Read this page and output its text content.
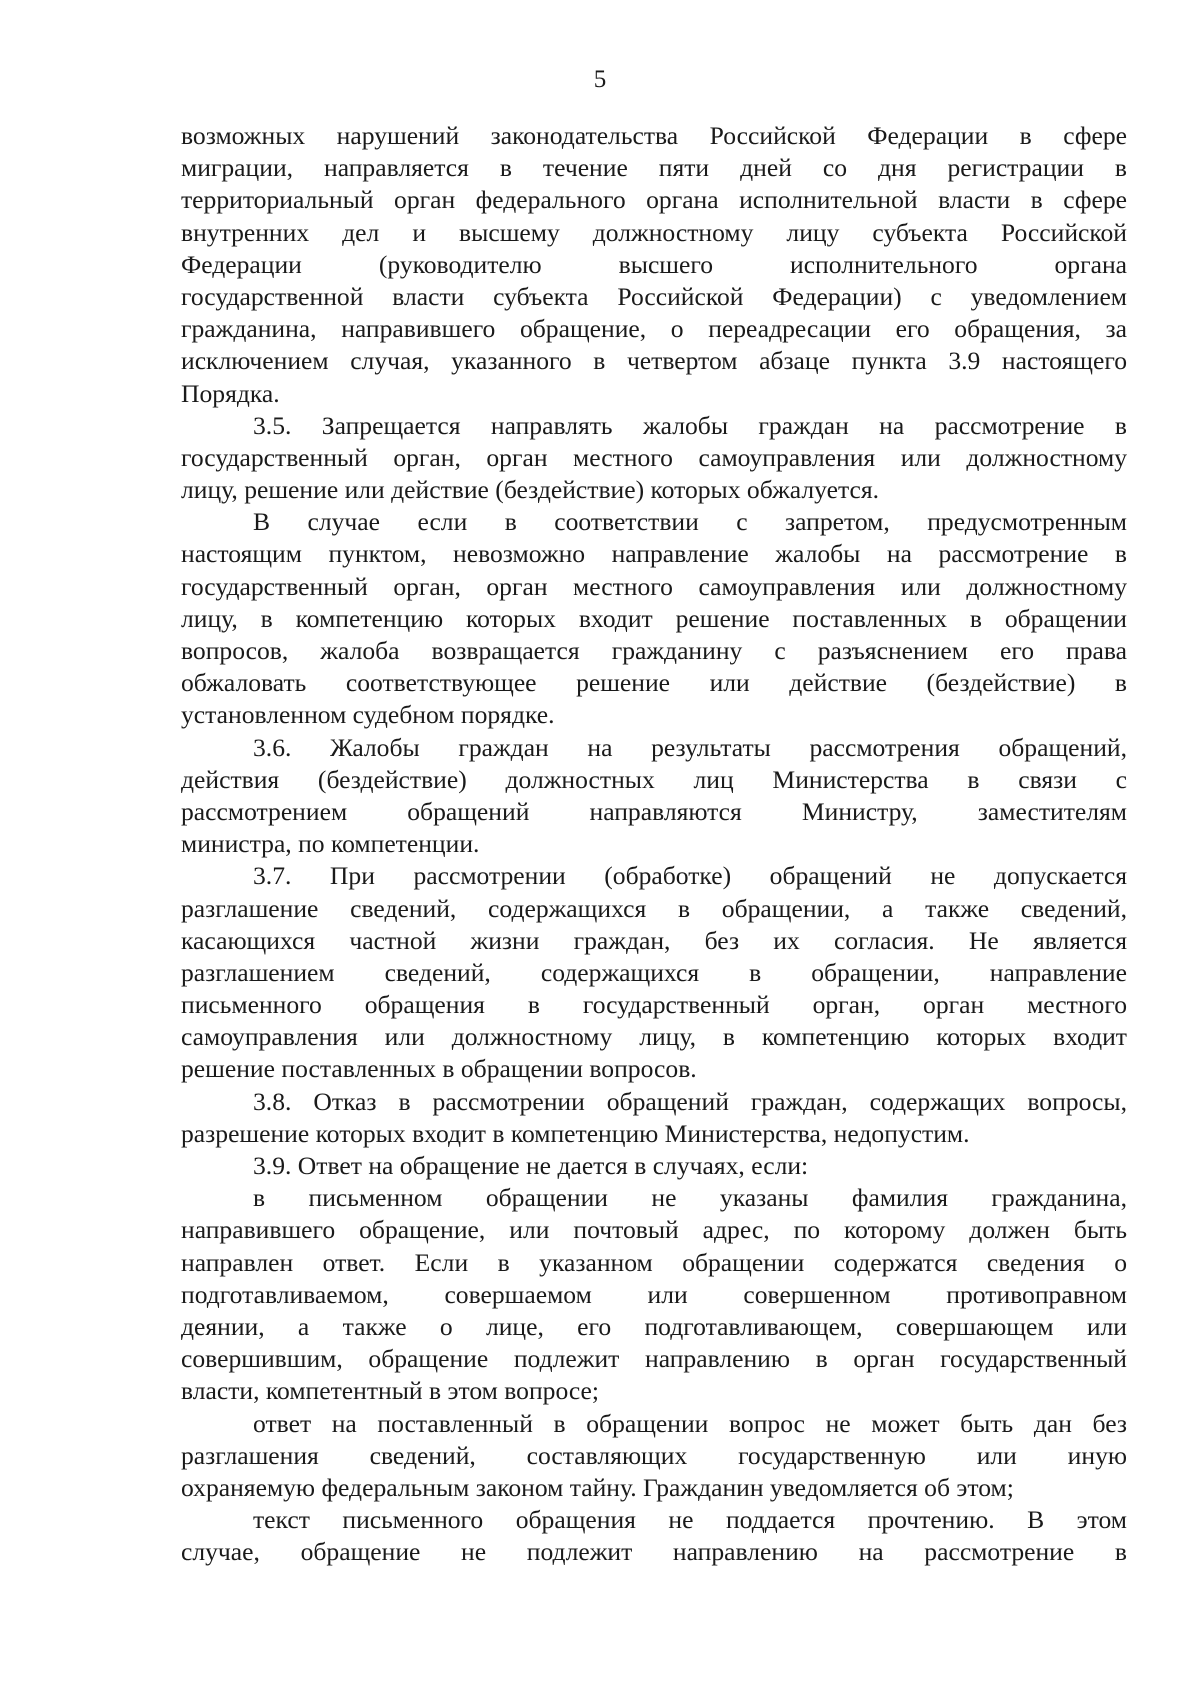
5
возможных нарушений законодательства Российской Федерации в сфере
миграции, направляется в течение пяти дней со дня регистрации в
территориальный орган федерального органа исполнительной власти в сфере
внутренних дел и высшему должностному лицу субъекта Российской
Федерации (руководителю высшего исполнительного органа
государственной власти субъекта Российской Федерации) с уведомлением
гражданина, направившего обращение, о переадресации его обращения, за
исключением случая, указанного в четвертом абзаце пункта 3.9 настоящего
Порядка.
3.5. Запрещается направлять жалобы граждан на рассмотрение в
государственный орган, орган местного самоуправления или должностному
лицу, решение или действие (бездействие) которых обжалуется.
В случае если в соответствии с запретом, предусмотренным
настоящим пунктом, невозможно направление жалобы на рассмотрение в
государственный орган, орган местного самоуправления или должностному
лицу, в компетенцию которых входит решение поставленных в обращении
вопросов, жалоба возвращается гражданину с разъяснением его права
обжаловать соответствующее решение или действие (бездействие) в
установленном судебном порядке.
3.6. Жалобы граждан на результаты рассмотрения обращений,
действия (бездействие) должностных лиц Министерства в связи с
рассмотрением обращений направляются Министру, заместителям
министра, по компетенции.
3.7. При рассмотрении (обработке) обращений не допускается
разглашение сведений, содержащихся в обращении, а также сведений,
касающихся частной жизни граждан, без их согласия. Не является
разглашением сведений, содержащихся в обращении, направление
письменного обращения в государственный орган, орган местного
самоуправления или должностному лицу, в компетенцию которых входит
решение поставленных в обращении вопросов.
3.8. Отказ в рассмотрении обращений граждан, содержащих вопросы,
разрешение которых входит в компетенцию Министерства, недопустим.
3.9. Ответ на обращение не дается в случаях, если:
в письменном обращении не указаны фамилия гражданина,
направившего обращение, или почтовый адрес, по которому должен быть
направлен ответ. Если в указанном обращении содержатся сведения о
подготавливаемом, совершаемом или совершенном противоправном
деянии, а также о лице, его подготавливающем, совершающем или
совершившим, обращение подлежит направлению в орган государственный
власти, компетентный в этом вопросе;
ответ на поставленный в обращении вопрос не может быть дан без
разглашения сведений, составляющих государственную или иную
охраняемую федеральным законом тайну. Гражданин уведомляется об этом;
текст письменного обращения не поддается прочтению. В этом
случае, обращение не подлежит направлению на рассмотрение в
